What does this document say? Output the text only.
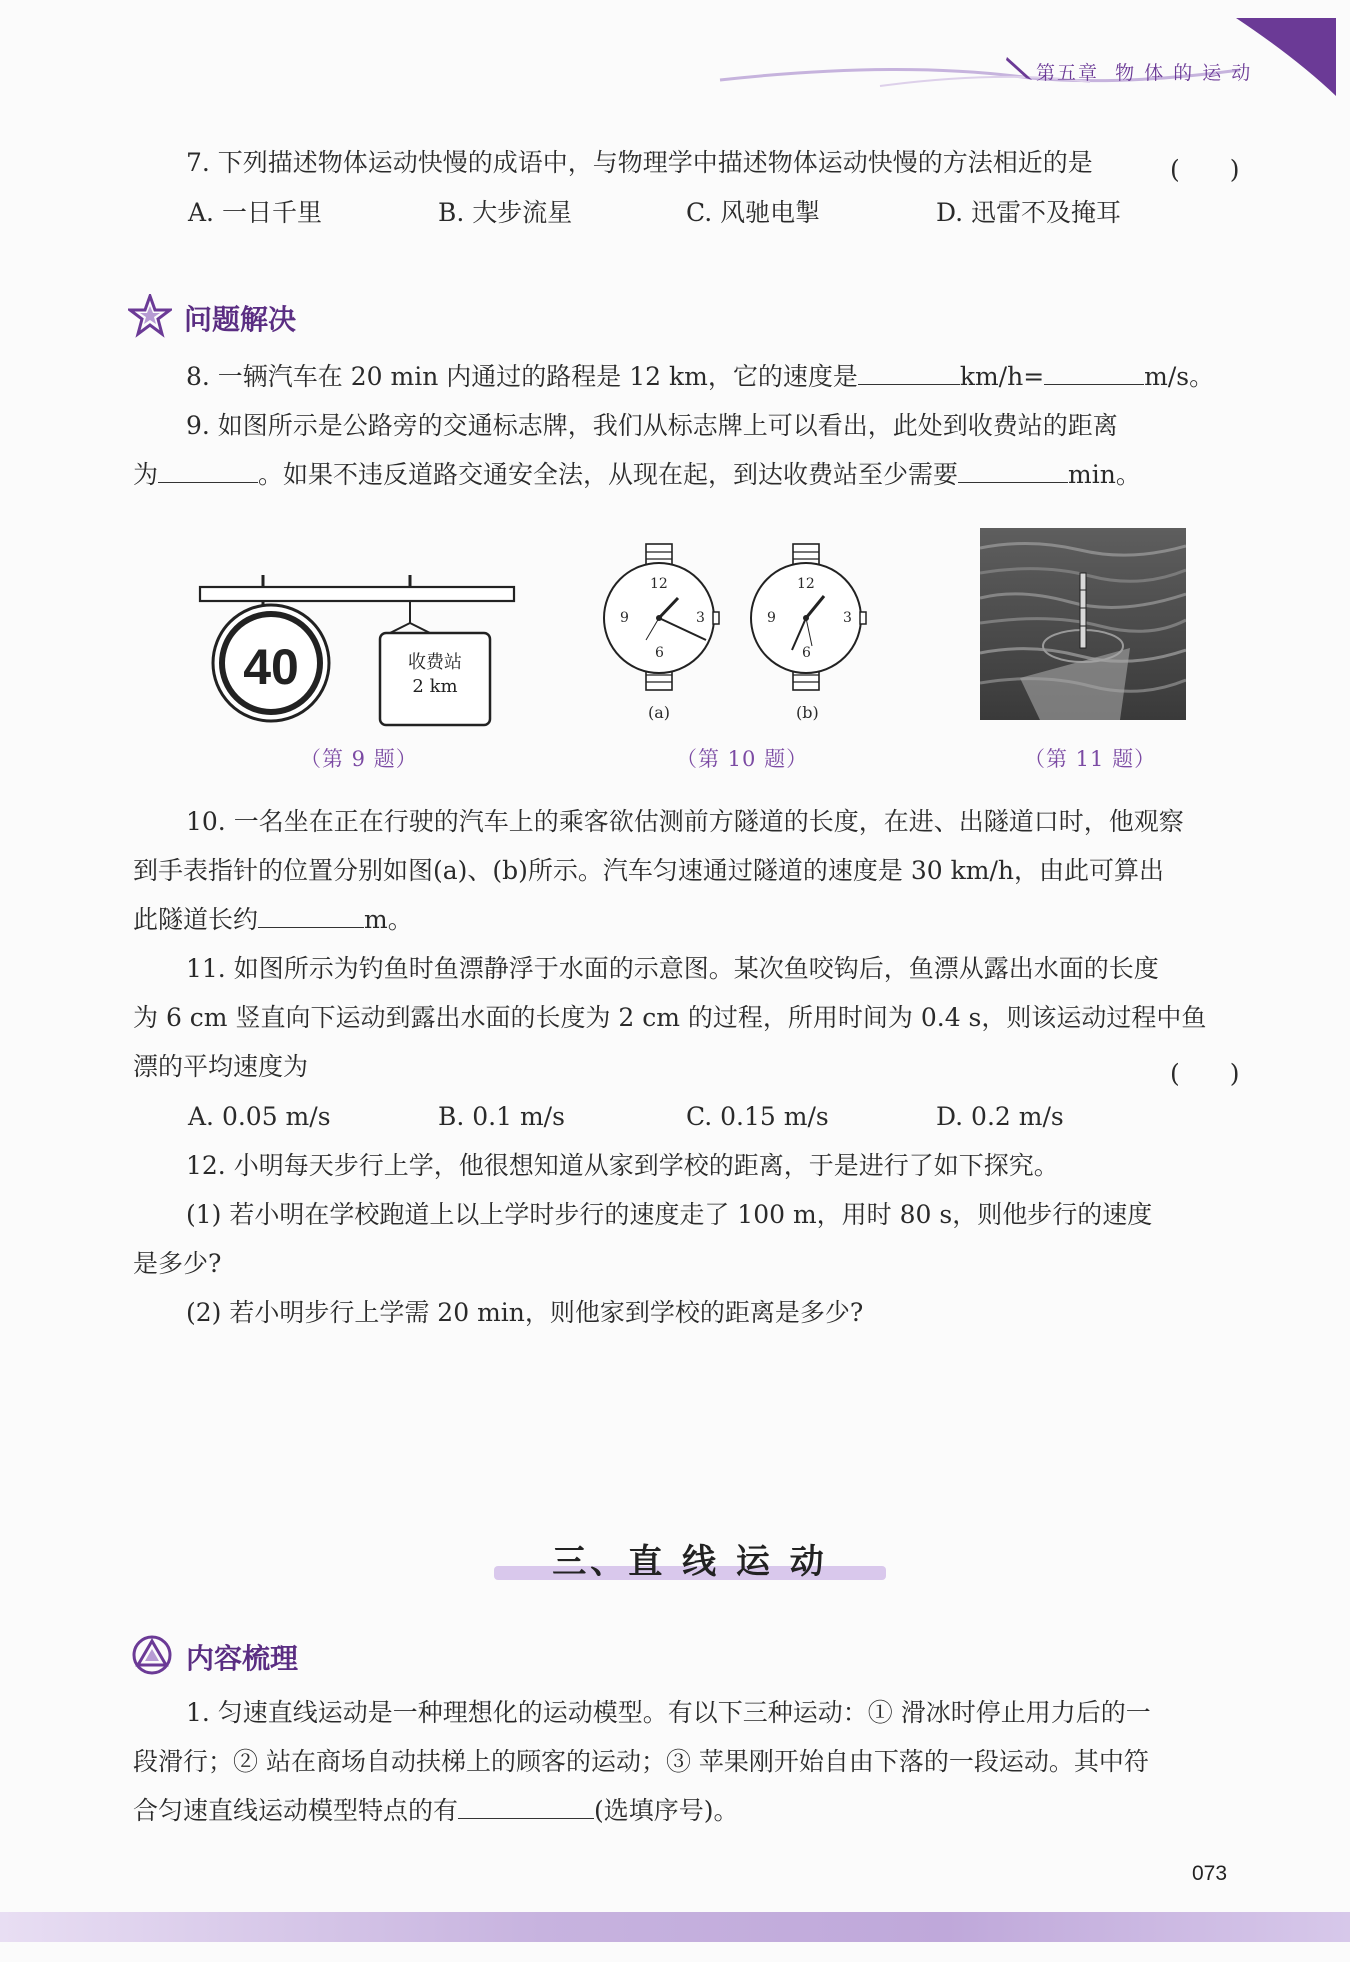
第五章 物 体 的 运 动
7. 下列描述物体运动快慢的成语中，与物理学中描述物体运动快慢的方法相近的是	(　　)
A. 一日千里	B. 大步流星	C. 风驰电掣	D. 迅雷不及掩耳
问题解决
8. 一辆汽车在 20 min 内通过的路程是 12 km，它的速度是	km/h=	m/s。
9. 如图所示是公路旁的交通标志牌，我们从标志牌上可以看出，此处到收费站的距离
为	。如果不违反道路交通安全法，从现在起，到达收费站至少需要	min。
40	收费站
2 km
（第 9 题）
12
3
6
9
12
3
6
9
(a)	(b)
（第 10 题）	（第 11 题）
10. 一名坐在正在行驶的汽车上的乘客欲估测前方隧道的长度，在进、出隧道口时，他观察
到手表指针的位置分别如图(a)、(b)所示。汽车匀速通过隧道的速度是 30 km/h，由此可算出
此隧道长约	m。
11. 如图所示为钓鱼时鱼漂静浮于水面的示意图。某次鱼咬钩后，鱼漂从露出水面的长度
为 6 cm 竖直向下运动到露出水面的长度为 2 cm 的过程，所用时间为 0.4 s，则该运动过程中鱼
漂的平均速度为	(　　)
A. 0.05 m/s	B. 0.1 m/s	C. 0.15 m/s	D. 0.2 m/s
12. 小明每天步行上学，他很想知道从家到学校的距离，于是进行了如下探究。
(1) 若小明在学校跑道上以上学时步行的速度走了 100 m，用时 80 s，则他步行的速度
是多少?
(2) 若小明步行上学需 20 min，则他家到学校的距离是多少?
三、直 线 运 动
内容梳理
1. 匀速直线运动是一种理想化的运动模型。有以下三种运动：① 滑冰时停止用力后的一
段滑行；② 站在商场自动扶梯上的顾客的运动；③ 苹果刚开始自由下落的一段运动。其中符
合匀速直线运动模型特点的有	(选填序号)。
073
